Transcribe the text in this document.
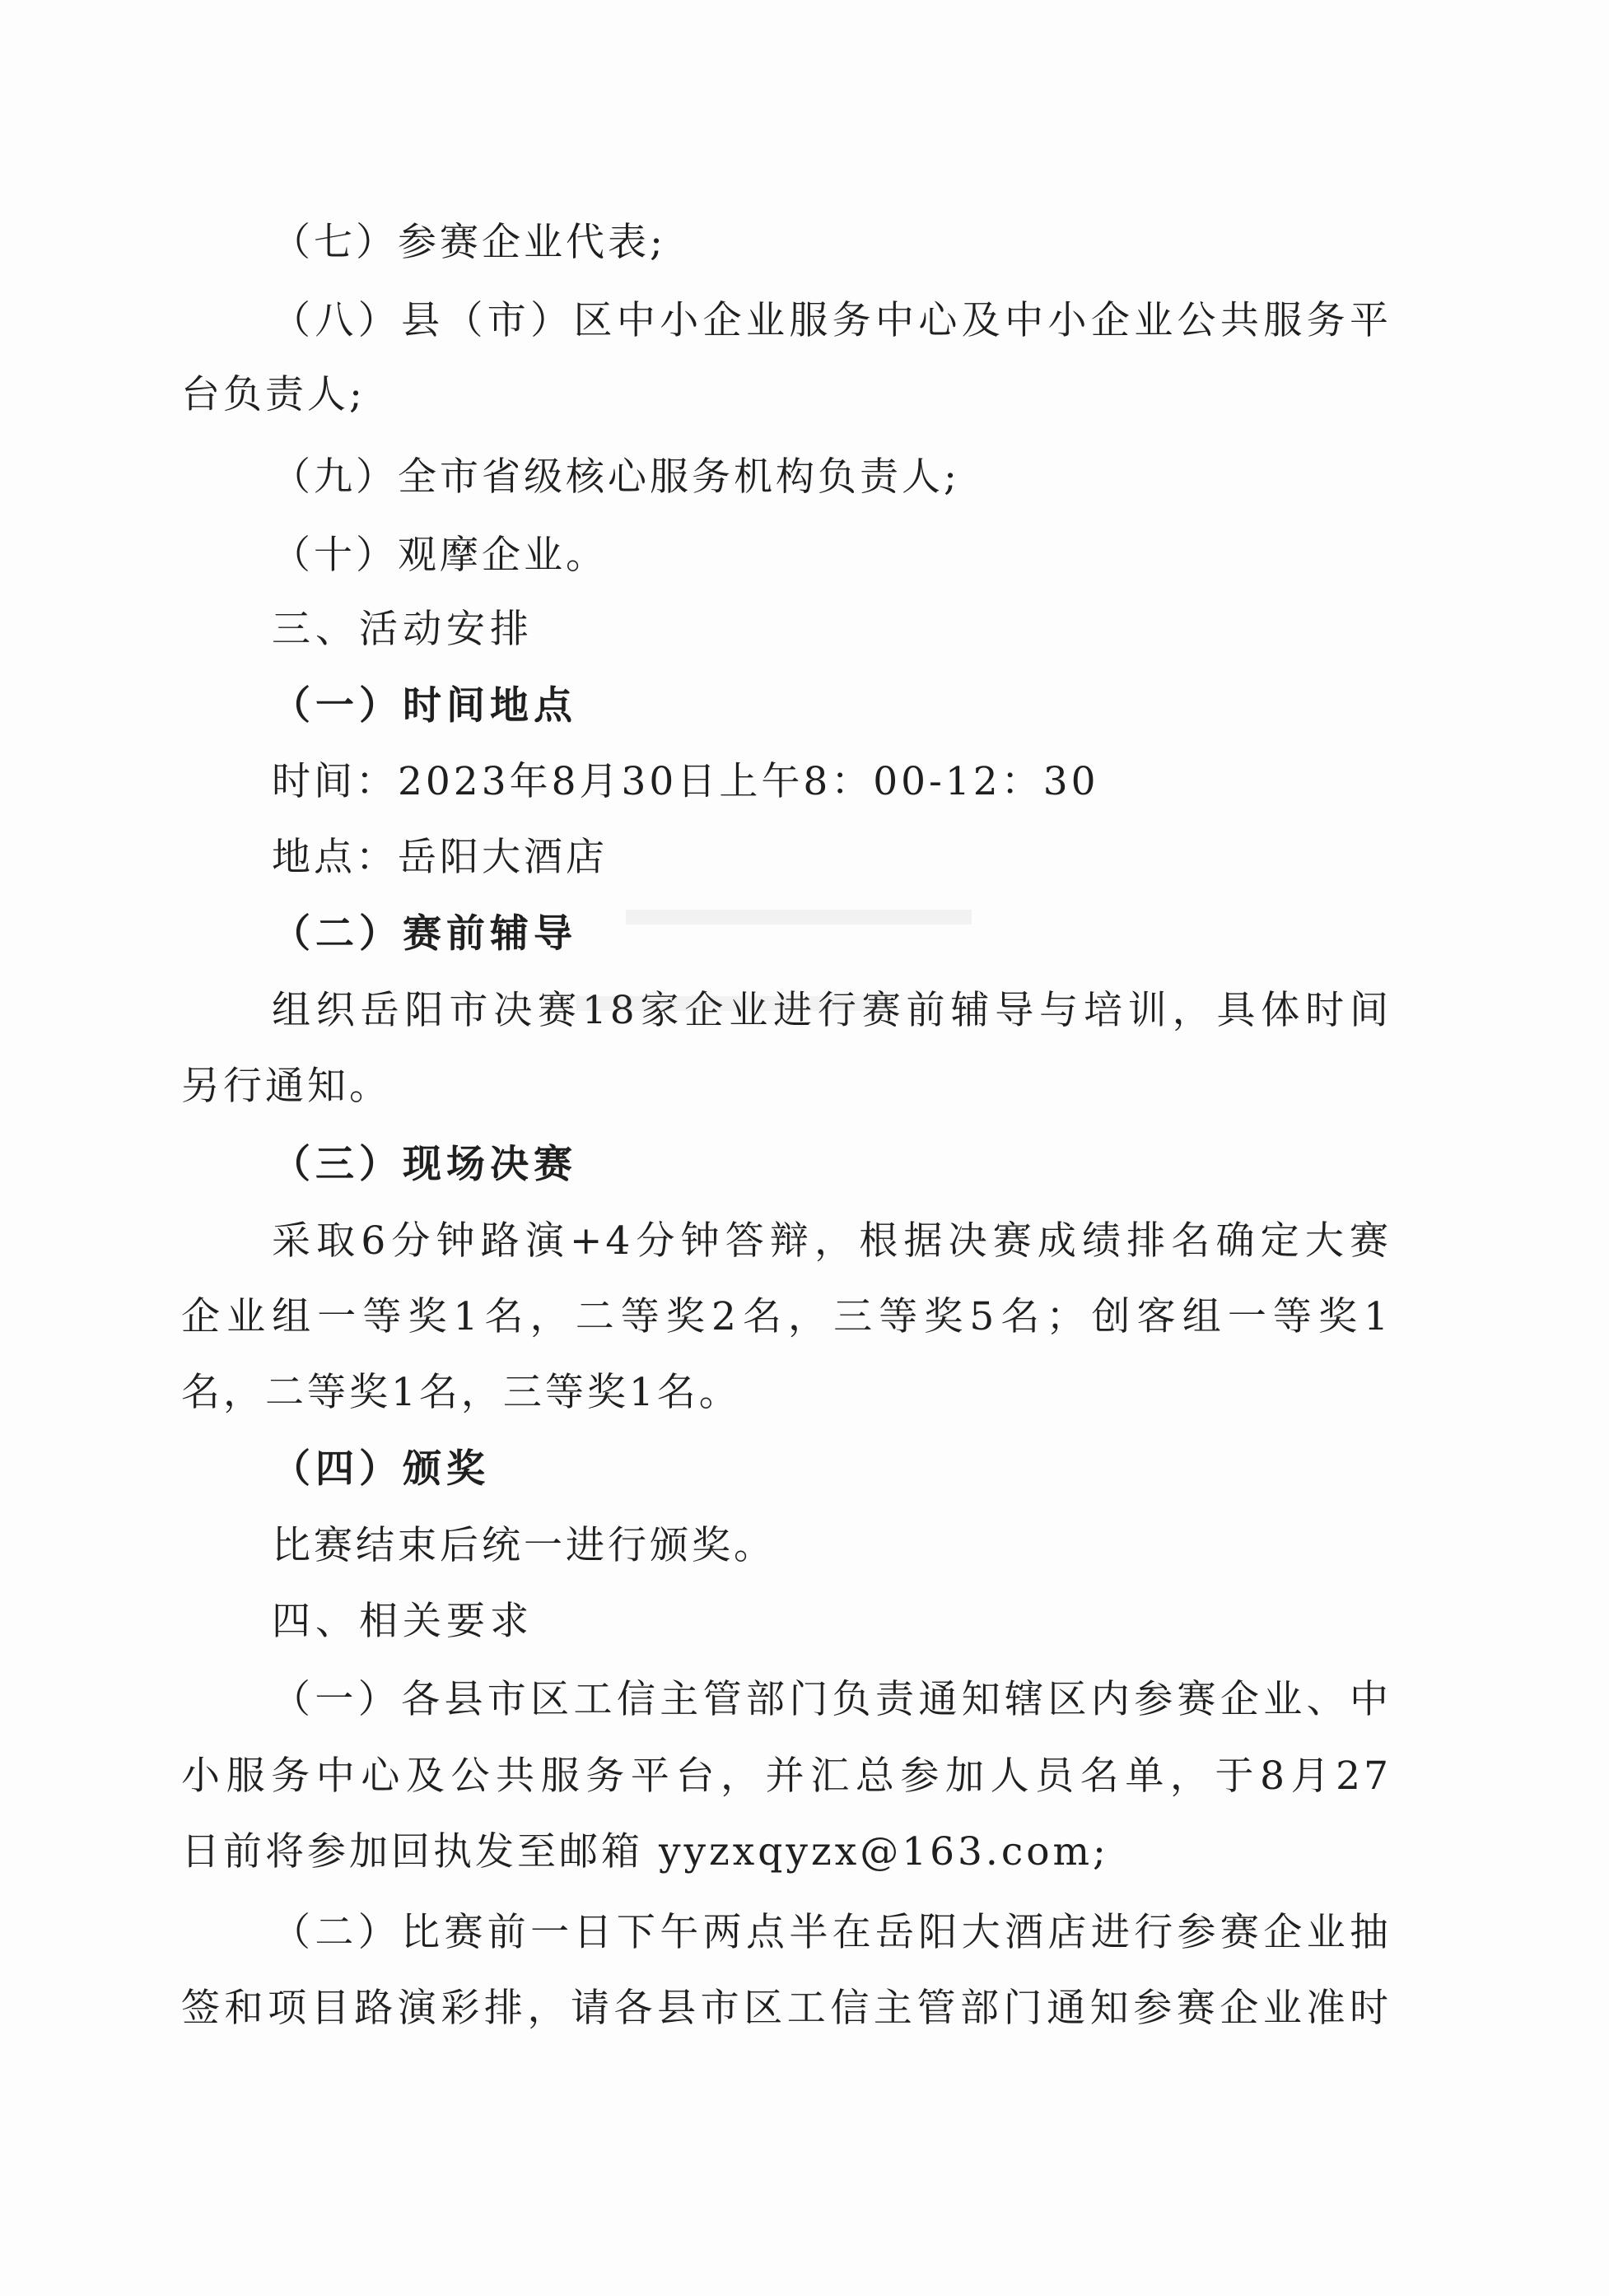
（七）参赛企业代表;
（八）县（市）区中小企业服务中心及中小企业公共服务平
台负责人;
（九）全市省级核心服务机构负责人;
（十）观摩企业。
三、活动安排
（一）时间地点
时间：2023年8月30日上午8：00-12：30
地点：岳阳大酒店
（二）赛前辅导
组织岳阳市决赛18家企业进行赛前辅导与培训，具体时间
另行通知。
（三）现场决赛
采取6分钟路演+4分钟答辩，根据决赛成绩排名确定大赛
企业组一等奖1名，二等奖2名，三等奖5名；创客组一等奖1
名，二等奖1名，三等奖1名。
（四）颁奖
比赛结束后统一进行颁奖。
四、相关要求
（一）各县市区工信主管部门负责通知辖区内参赛企业、中
小服务中心及公共服务平台，并汇总参加人员名单，于8月27
日前将参加回执发至邮箱 yyzxqyzx@163.com;
（二）比赛前一日下午两点半在岳阳大酒店进行参赛企业抽
签和项目路演彩排，请各县市区工信主管部门通知参赛企业准时
